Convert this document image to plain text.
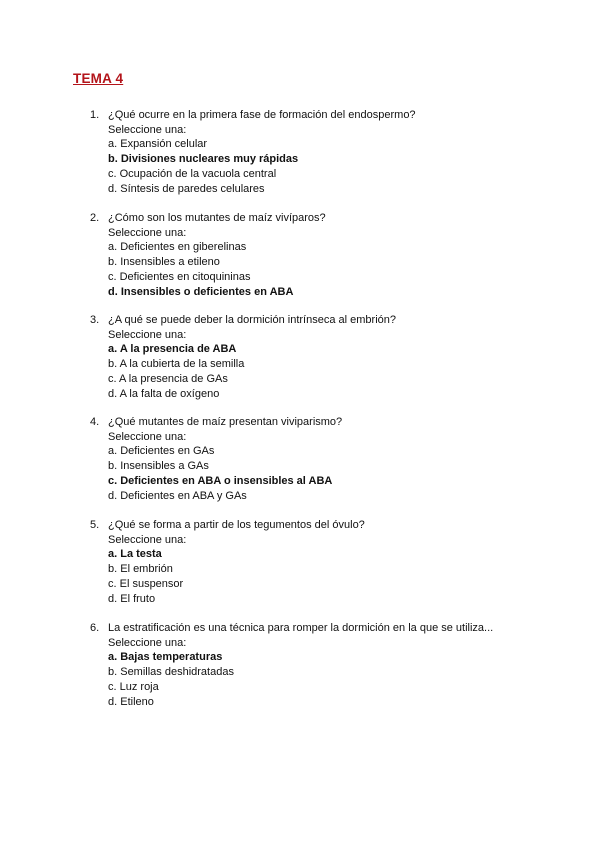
TEMA 4
1. ¿Qué ocurre en la primera fase de formación del endospermo?
Seleccione una:
a. Expansión celular
b. Divisiones nucleares muy rápidas
c. Ocupación de la vacuola central
d. Síntesis de paredes celulares
2. ¿Cómo son los mutantes de maíz vivíparos?
Seleccione una:
a. Deficientes en giberelinas
b. Insensibles a etileno
c. Deficientes en citoquininas
d. Insensibles o deficientes en ABA
3. ¿A qué se puede deber la dormición intrínseca al embrión?
Seleccione una:
a. A la presencia de ABA
b. A la cubierta de la semilla
c. A la presencia de GAs
d. A la falta de oxígeno
4. ¿Qué mutantes de maíz presentan viviparismo?
Seleccione una:
a. Deficientes en GAs
b. Insensibles a GAs
c. Deficientes en ABA o insensibles al ABA
d. Deficientes en ABA y GAs
5. ¿Qué se forma a partir de los tegumentos del óvulo?
Seleccione una:
a. La testa
b. El embrión
c. El suspensor
d. El fruto
6. La estratificación es una técnica para romper la dormición en la que se utiliza...
Seleccione una:
a. Bajas temperaturas
b. Semillas deshidratadas
c. Luz roja
d. Etileno
